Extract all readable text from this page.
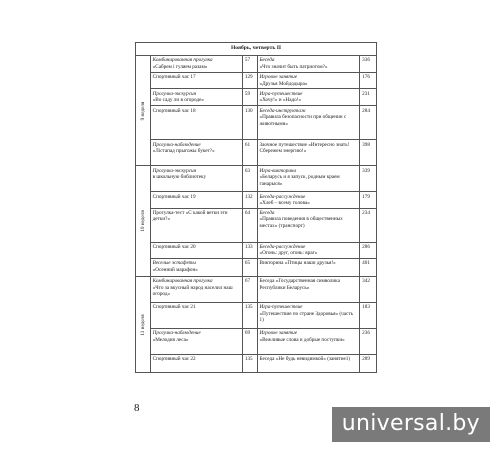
Ноябрь, четверть II				

9 неделя	Комбинированная прогулка
«Сабрем і гуляем разам»	57	Беседа
«Что значит быть патриотом?»	336

	Спортивный час 17	129	Игровое занятие
«Друзья Мойдодыра»	176

	Прогулка-экскурсия
«Во саду ли в огороде»	59	Игра-путешествие
«Хочу!» и «Надо!»	231

	Спортивный час 18	130	Беседа-инструктаж
«Правила безопасности при общении с животными»	284

	Прогулка-наблюдение
«Лiстапад прыгожы букет?»	61	Заочное путешествие «Интересно знать! Сбережем энергию!»	398

10 неделя	Прогулка-экскурсия
в школьную библиотеку	63	Игра-викторина
«Беларусь и я запуск, родным краем ганарыся»	339

	Спортивный час 19	132	Беседа-рассуждение
«Хлеб – всему голова»	179

	Прогулка-тест «С какой ветки эти детки?»	64	Беседа
«Правила поведения в общественных местах» (транспорт)	234

	Спортивный час 20	133	Беседа-рассуждение
«Огонь: друг, огонь: враг»	286

	Веселые эстафеты
«Осенний марафон»	65	Викторина «Птицы наши друзья!»	401

11 неделя	Комбинированная прогулка
«Что за вкусный народ населил наш огород»	67	Беседа «Государственная символика Республики Беларусь»	342

	Спортивный час 21	135	Игра-путешествие
«Путешествие по стране Здоровья» (часть 1)	183

	Прогулка-наблюдение
«Мелодия леса»	69	Игровое занятие
«Вежливые слова и добрые поступки»	236

	Спортивный час 22	135	Беседа «Не будь невидимкой» (занятие1)	289
8
universal.by
